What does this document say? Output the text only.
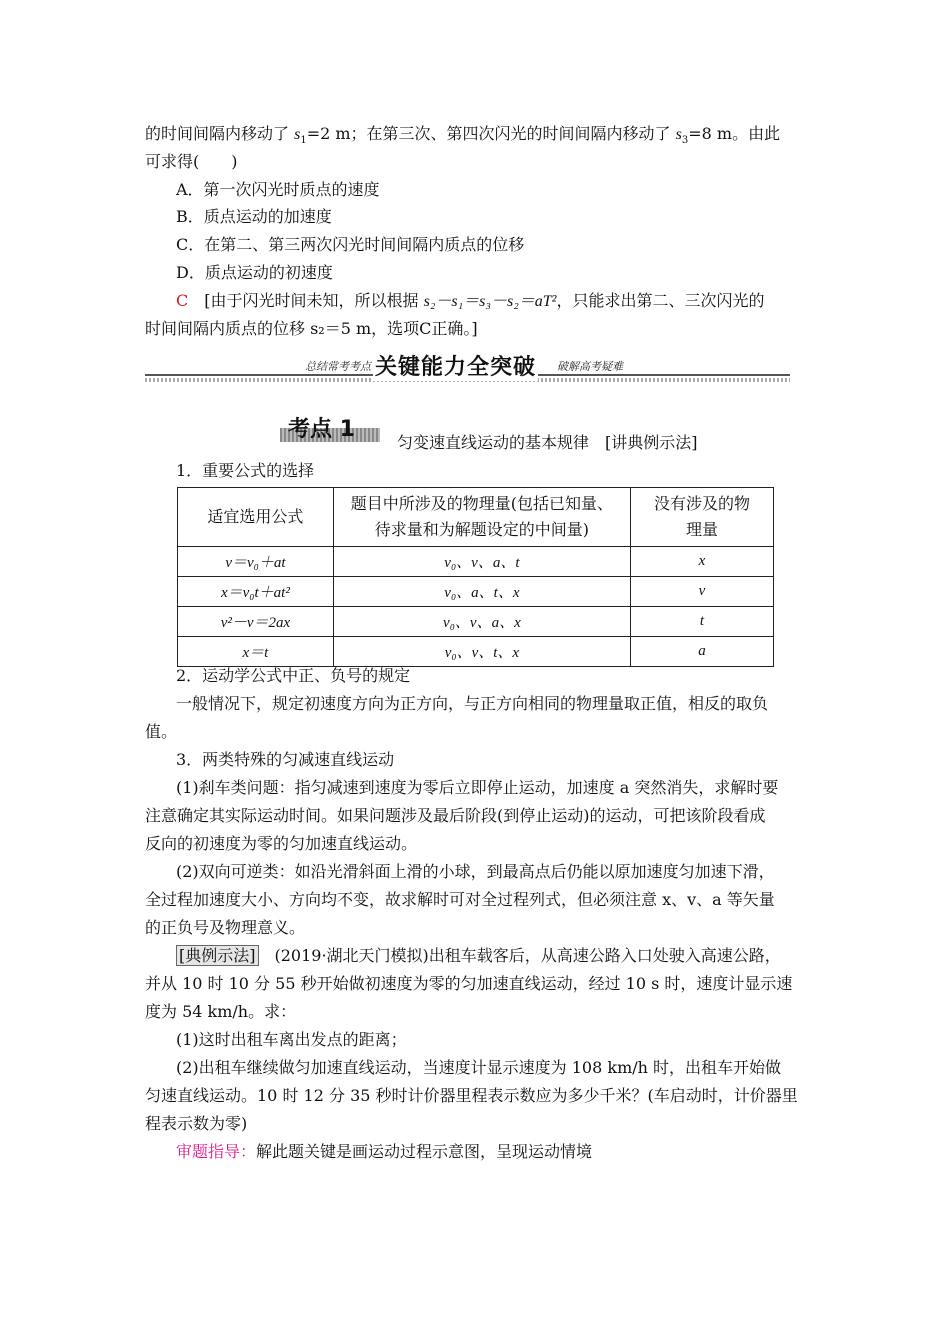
的时间间隔内移动了 $s_1=2$ m；在第三次、第四次闪光的时间间隔内移动了 $s_3=8$ m。由此
可求得(　　)
A．第一次闪光时质点的速度
B．质点运动的加速度
C．在第二、第三两次闪光时间间隔内质点的位移
D．质点运动的初速度
C　[由于闪光时间未知，所以根据 s₂－s₁＝s₃－s₂＝aT²，只能求出第二、三次闪光的
时间间隔内质点的位移 s₂＝5 m，选项C正确。]
总结常考考点 关键能力全突破 破解高考疑难
考点 1
匀变速直线运动的基本规律　[讲典例示法]
1．重要公式的选择
适宜选用公式	题目中所涉及的物理量(包括已知量、待求量和为解题设定的中间量)	没有涉及的物理量
v＝v₀＋at	v₀、v、a、t	x
x＝v₀t＋at²	v₀、a、t、x	v
v²－v＝2ax	v₀、v、a、x	t
x＝t	v₀、v、t、x	a
2．运动学公式中正、负号的规定
一般情况下，规定初速度方向为正方向，与正方向相同的物理量取正值，相反的取负
值。
3．两类特殊的匀减速直线运动
(1)刹车类问题：指匀减速到速度为零后立即停止运动，加速度 a 突然消失，求解时要
注意确定其实际运动时间。如果问题涉及最后阶段(到停止运动)的运动，可把该阶段看成
反向的初速度为零的匀加速直线运动。
(2)双向可逆类：如沿光滑斜面上滑的小球，到最高点后仍能以原加速度匀加速下滑，
全过程加速度大小、方向均不变，故求解时可对全过程列式，但必须注意 x、v、a 等矢量
的正负号及物理意义。
[典例示法]　(2019·湖北天门模拟)出租车载客后，从高速公路入口处驶入高速公路，
并从 10 时 10 分 55 秒开始做初速度为零的匀加速直线运动，经过 10 s 时，速度计显示速
度为 54 km/h。求：
(1)这时出租车离出发点的距离；
(2)出租车继续做匀加速直线运动，当速度计显示速度为 108 km/h 时，出租车开始做
匀速直线运动。10 时 12 分 35 秒时计价器里程表示数应为多少千米？(车启动时，计价器里
程表示数为零)
审题指导：解此题关键是画运动过程示意图，呈现运动情境
